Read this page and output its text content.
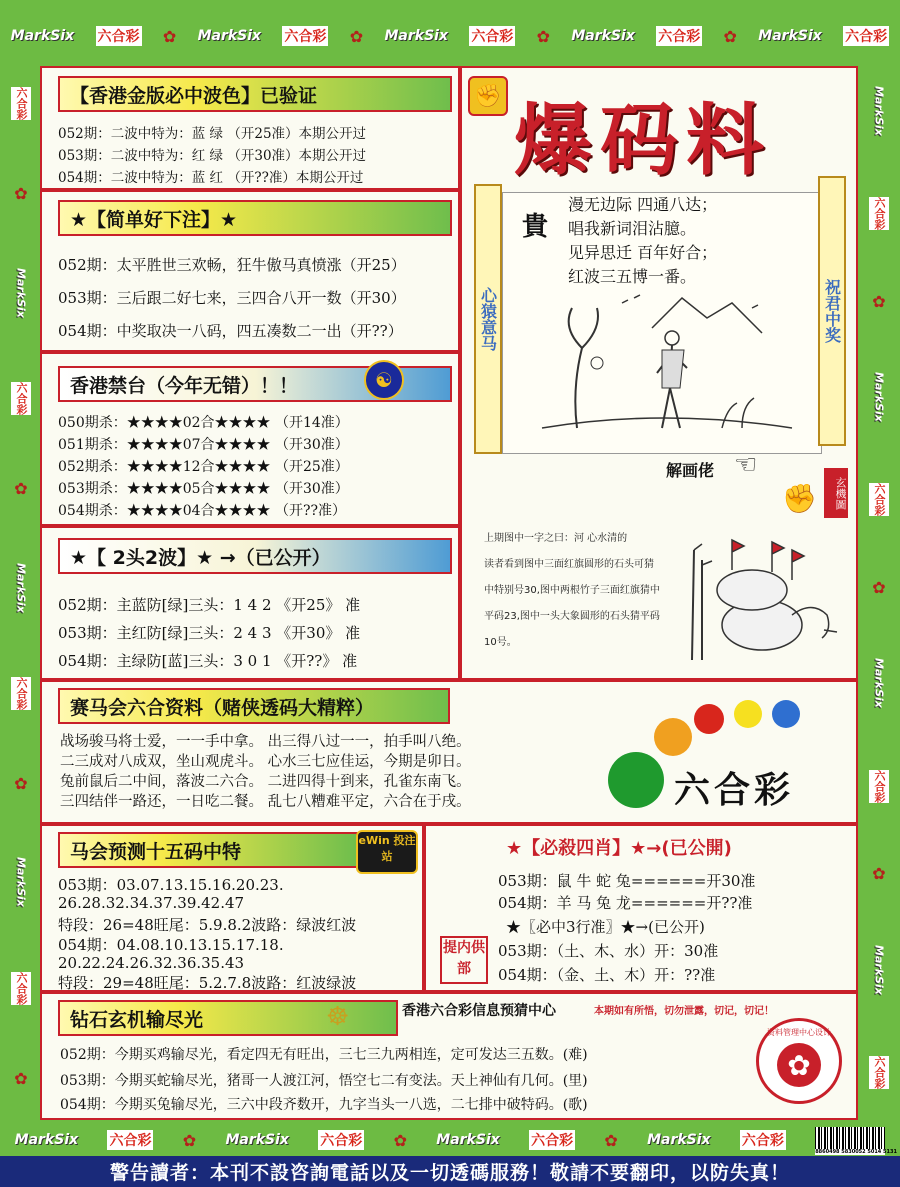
MarkSix 六合彩 ✿ MarkSix 六合彩 ✿ MarkSix 六合彩 ✿ MarkSix 六合彩 ✿ MarkSix 六合彩
六合彩
✿
MarkSix
六合彩
✿
MarkSix
六合彩
✿
MarkSix
六合彩
✿
MarkSix
六合彩
✿
MarkSix
六合彩
✿
MarkSix
六合彩
✿
MarkSix
六合彩
【香港金版必中波色】已验证
052期：二波中特为：蓝 绿 （开25准）本期公开过
053期：二波中特为：红 绿 （开30准）本期公开过
054期：二波中特为：蓝 红 （开??准）本期公开过
★【简单好下注】★
052期：太平胜世三欢畅，狂牛傲马真愤涨（开25）
053期：三后跟二好七来，三四合八开一数（开30）
054期：中奖取决一八码，四五凑数二一出（开??）
香港禁台（今年无错）！！	☯
050期杀：★★★★02合★★★★ （开14准）
051期杀：★★★★07合★★★★ （开30准）
052期杀：★★★★12合★★★★ （开25准）
053期杀：★★★★05合★★★★ （开30准）
054期杀：★★★★04合★★★★ （开??准）
★【 2头2波】★ →（已公开）
052期：主蓝防[绿]三头：1 4 2 《开25》 准
053期：主红防[绿]三头：2 4 3 《开30》 准
054期：主绿防[蓝]三头：3 0 1 《开??》 准
✊ 爆码料
心猿意马	祝君中奖
貴
漫无边际 四通八达；
唱我新词泪沾臆。
见异思迁 百年好合；
红波三五博一番。
解画佬 ☜
玄機圖
✊
上期图中一字之曰：河 心水清的
读者看到图中三面红旗圆形的石头可猜
中特别号30,图中两根竹子三面红旗猜中
平码23,图中一头大象圆形的石头猜平码
10号。
赛马会六合资料（赌侠透码大精粹）
战场骏马将士爱，一一手中拿。 出三得八过一一，拍手叫八绝。
二三成对八成双，坐山观虎斗。 心水三七应佳运，今期是卯日。
兔前鼠后二中间，落波二六合。 二进四得十到来，孔雀东南飞。
三四结伴一路还，一日吃二餐。 乱七八糟难平定，六合在于戌。	六合彩
马会预测十五码中特	eWin 投注站
053期：03.07.13.15.16.20.23.
26.28.32.34.37.39.42.47
特段：26=48旺尾：5.9.8.2波路：绿波红波
054期：04.08.10.13.15.17.18.
20.22.24.26.32.36.35.43
特段：29=48旺尾：5.2.7.8波路：红波绿波
★【必殺四肖】★→(已公開)
053期：鼠 牛 蛇 兔======开30准
054期：羊 马 兔 龙======开??准
★〖必中3行准〗★→(已公开)
053期：（土、木、水）开：30准
054期：（金、土、木）开：??准
提内供部
钻石玄机输尽光	☸	香港六合彩信息预猜中心	本期如有所悟，切勿泄露，切记，切记！
052期：今期买鸡输尽光，看定四无有旺出，三七三九两相连，定可发达三五数。(难)
053期：今期买蛇输尽光，猪哥一人渡江河，悟空七二有变法。天上神仙有几何。(里)
054期：今期买兔输尽光，三六中段齐数开，九字当头一八选，二七排中破特码。(歌)
资料管理中心设计
✿
MarkSix 六合彩 ✿ MarkSix 六合彩 ✿ MarkSix 六合彩 ✿ MarkSix 六合彩
8860498 5830052 5014 5131
警告讀者：本刊不設咨詢電話以及一切透碼服務！敬請不要翻印，以防失真！
